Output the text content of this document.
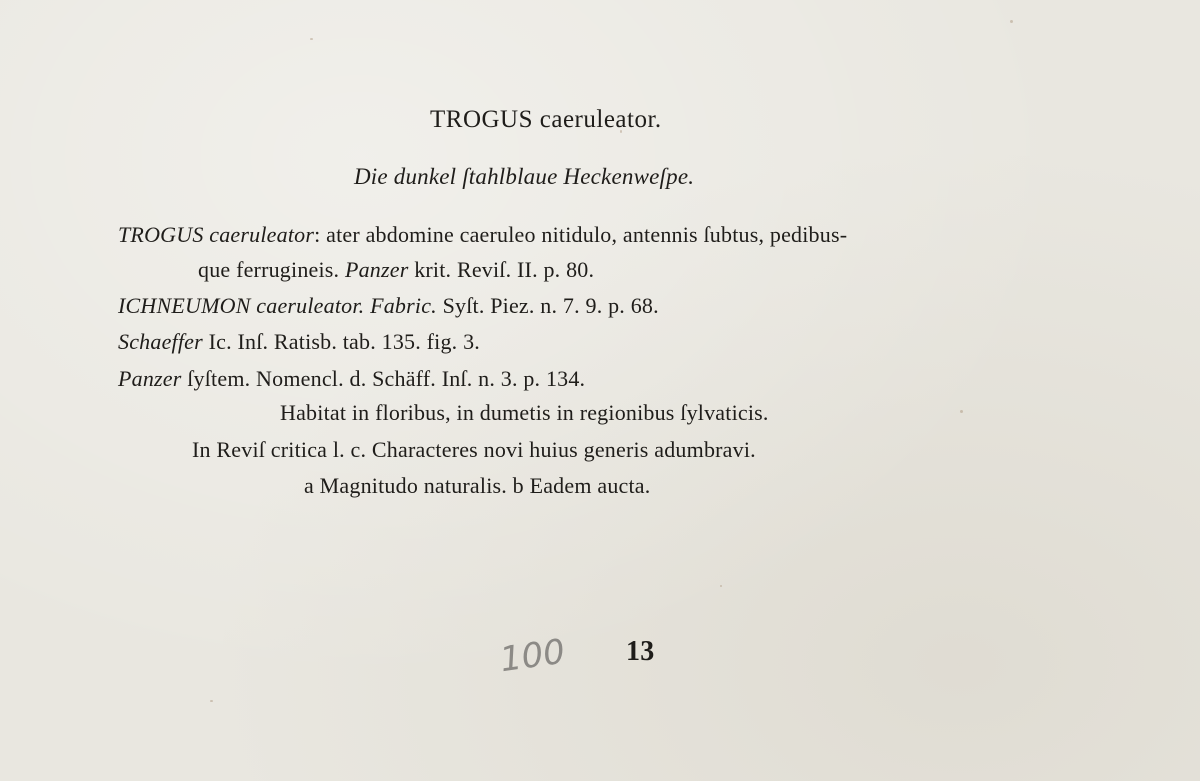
TROGUS caeruleator.
Die dunkel ſtahlblaue Heckenweſpe.
TROGUS caeruleator: ater abdomine caeruleo nitidulo, antennis ſubtus, pedibus-
que ferrugineis. Panzer krit. Reviſ. II. p. 80.
ICHNEUMON caeruleator. Fabric. Syſt. Piez. n. 7. 9. p. 68.
Schaeffer Ic. Inſ. Ratisb. tab. 135. fig. 3.
Panzer ſyſtem. Nomencl. d. Schäff. Inſ. n. 3. p. 134.
Habitat in floribus, in dumetis in regionibus ſylvaticis.
In Reviſ critica l. c. Characteres novi huius generis adumbravi.
a Magnitudo naturalis. b Eadem aucta.
100 13
